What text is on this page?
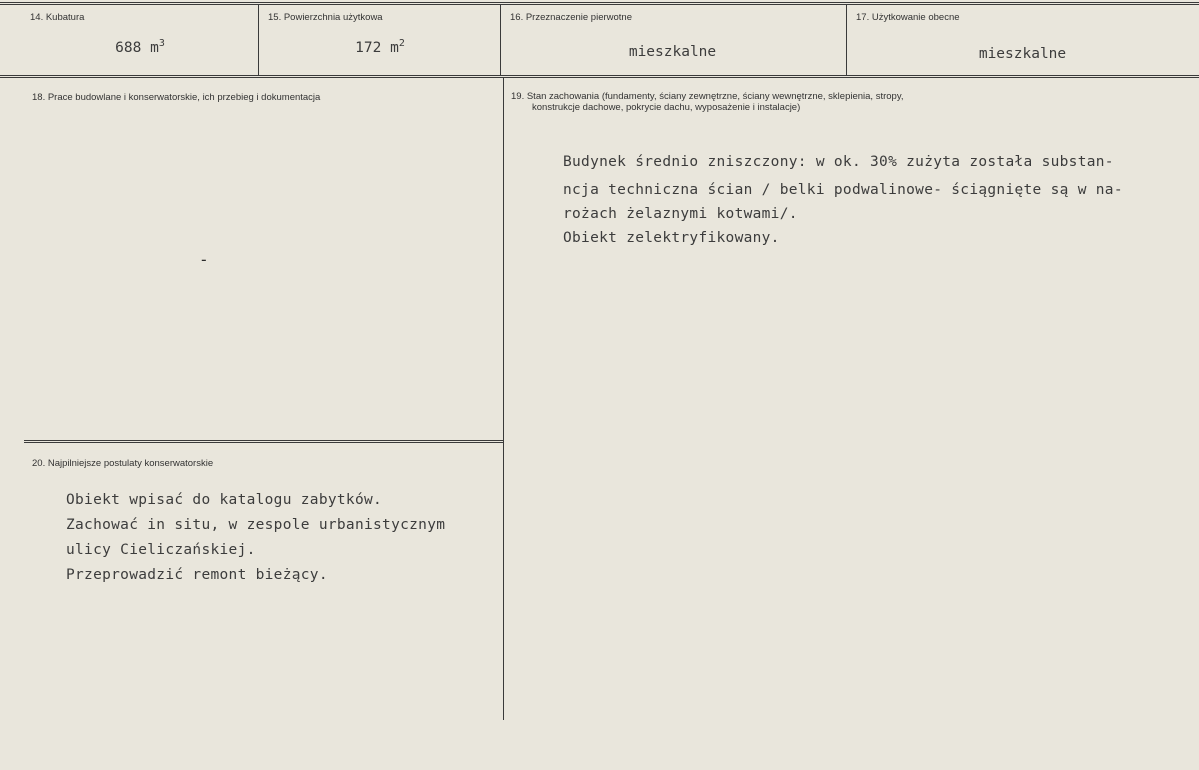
14. Kubatura
688 $m^3$
15. Powierzchnia użytkowa
172 $m^2$
16. Przeznaczenie pierwotne
mieszkalne
17. Użytkowanie obecne
mieszkalne
18. Prace budowlane i konserwatorskie, ich przebieg i dokumentacja
-
19. Stan zachowania (fundamenty, ściany zewnętrzne, ściany wewnętrzne, sklepienia, stropy,
konstrukcje dachowe, pokrycie dachu, wyposażenie i instalacje)
Budynek średnio zniszczony: w ok. 30% zużyta została substan-
ncja techniczna ścian / belki podwalinowe- ściągnięte są w na-
rożach żelaznymi kotwami/.
Obiekt zelektryfikowany.
20. Najpilniejsze postulaty konserwatorskie
Obiekt wpisać do katalogu zabytków.
Zachować in situ, w zespole urbanistycznym
ulicy Cieliczańskiej.
Przeprowadzić remont bieżący.
